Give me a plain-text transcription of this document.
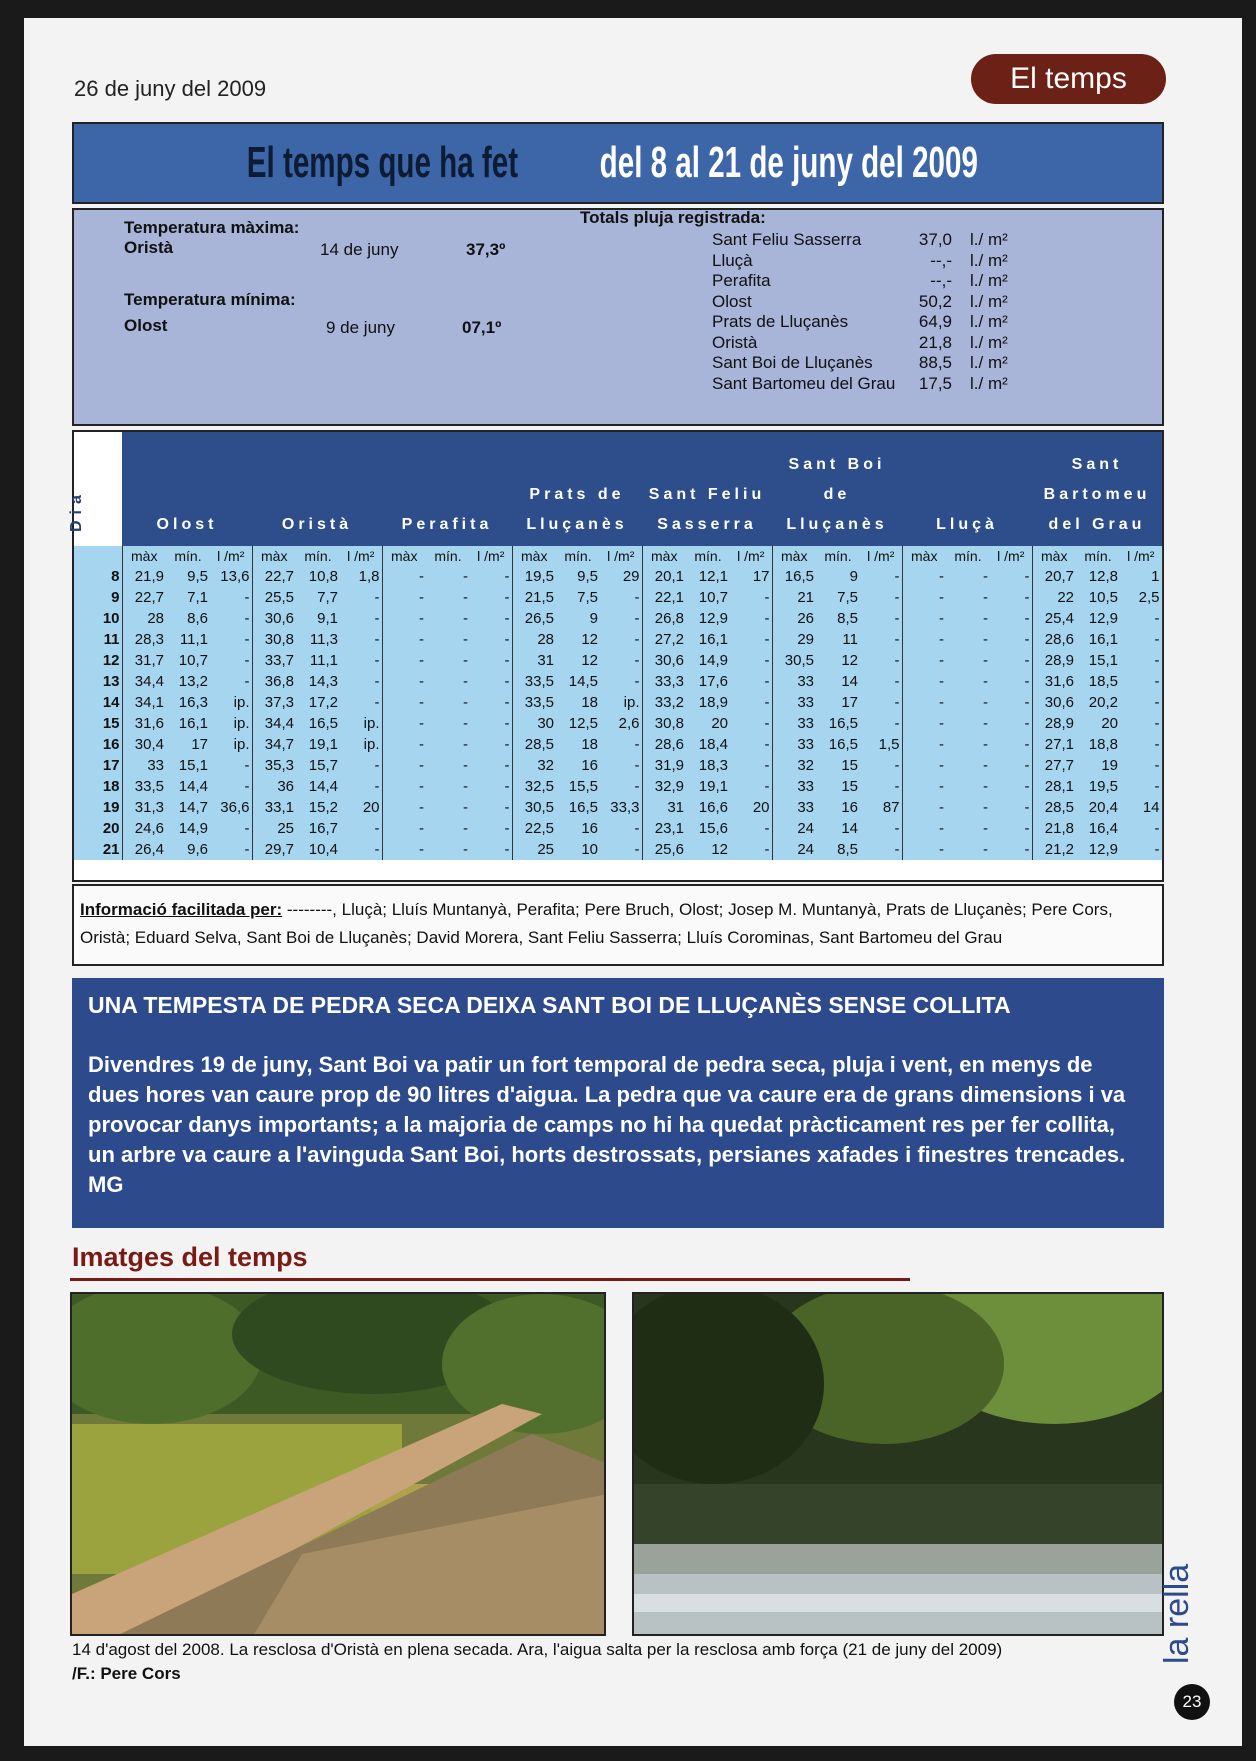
26 de juny del 2009	El temps
El temps que ha fet del 8 al 21 de juny del 2009
Temperatura màxima:
Oristà	14 de juny	37,3º
Temperatura mínima:
Olost	9 de juny	07,1º
Totals pluja registrada:
Sant Feliu Sasserra	37,0 l./ m²
Lluçà	--,- l./ m²
Perafita	--,- l./ m²
Olost	50,2 l./ m²
Prats de Lluçanès	64,9 l./ m²
Oristà	21,8 l./ m²
Sant Boi de Lluçanès	88,5 l./ m²
Sant Bartomeu del Grau	17,5 l./ m²
Dia	Olost	Oristà	Perafita
Prats de Lluçanès
Sant Feliu Sasserra
Sant Boi de Lluçanès	Lluçà
Sant Bartomeu del Grau
	màx	mín.	l /m²	màx	mín.	l /m²	màx	mín.	l /m²	màx	mín.	l /m²	màx	mín.	l /m²	màx	mín.	l /m²	màx	mín.	l /m²	màx	mín.	l /m²
8	21,9	9,5	13,6	22,7	10,8	1,8	-	-	-	19,5	9,5	29	20,1	12,1	17	16,5	9	-	-	-	-	20,7	12,8	1
9	22,7	7,1	-	25,5	7,7	-	-	-	-	21,5	7,5	-	22,1	10,7	-	21	7,5	-	-	-	-	22	10,5	2,5
10	28	8,6	-	30,6	9,1	-	-	-	-	26,5	9	-	26,8	12,9	-	26	8,5	-	-	-	-	25,4	12,9	-
11	28,3	11,1	-	30,8	11,3	-	-	-	-	28	12	-	27,2	16,1	-	29	11	-	-	-	-	28,6	16,1	-
12	31,7	10,7	-	33,7	11,1	-	-	-	-	31	12	-	30,6	14,9	-	30,5	12	-	-	-	-	28,9	15,1	-
13	34,4	13,2	-	36,8	14,3	-	-	-	-	33,5	14,5	-	33,3	17,6	-	33	14	-	-	-	-	31,6	18,5	-
14	34,1	16,3	ip.	37,3	17,2	-	-	-	-	33,5	18	ip.	33,2	18,9	-	33	17	-	-	-	-	30,6	20,2	-
15	31,6	16,1	ip.	34,4	16,5	ip.	-	-	-	30	12,5	2,6	30,8	20	-	33	16,5	-	-	-	-	28,9	20	-
16	30,4	17	ip.	34,7	19,1	ip.	-	-	-	28,5	18	-	28,6	18,4	-	33	16,5	1,5	-	-	-	27,1	18,8	-
17	33	15,1	-	35,3	15,7	-	-	-	-	32	16	-	31,9	18,3	-	32	15	-	-	-	-	27,7	19	-
18	33,5	14,4	-	36	14,4	-	-	-	-	32,5	15,5	-	32,9	19,1	-	33	15	-	-	-	-	28,1	19,5	-
19	31,3	14,7	36,6	33,1	15,2	20	-	-	-	30,5	16,5	33,3	31	16,6	20	33	16	87	-	-	-	28,5	20,4	14
20	24,6	14,9	-	25	16,7	-	-	-	-	22,5	16	-	23,1	15,6	-	24	14	-	-	-	-	21,8	16,4	-
21	26,4	9,6	-	29,7	10,4	-	-	-	-	25	10	-	25,6	12	-	24	8,5	-	-	-	-	21,2	12,9	-
Informació facilitada per: --------, Lluçà; Lluís Muntanyà, Perafita; Pere Bruch, Olost; Josep M. Muntanyà, Prats de Lluçanès; Pere Cors, Oristà; Eduard Selva, Sant Boi de Lluçanès; David Morera, Sant Feliu Sasserra; Lluís Corominas, Sant Bartomeu del Grau
UNA TEMPESTA DE PEDRA SECA DEIXA SANT BOI DE LLUÇANÈS SENSE COLLITA

Divendres 19 de juny, Sant Boi va patir un fort temporal de pedra seca, pluja i vent, en menys de dues hores van caure prop de 90 litres d'aigua. La pedra que va caure era de grans dimensions i va provocar danys importants; a la majoria de camps no hi ha quedat pràcticament res per fer collita, un arbre va caure a l'avinguda Sant Boi, horts destrossats, persianes xafades i finestres trencades. MG

Imatges del temps
14 d'agost del 2008. La resclosa d'Oristà en plena secada. Ara, l'aigua salta per la resclosa amb força (21 de juny del 2009)
/F.: Pere Cors
la rella
23
